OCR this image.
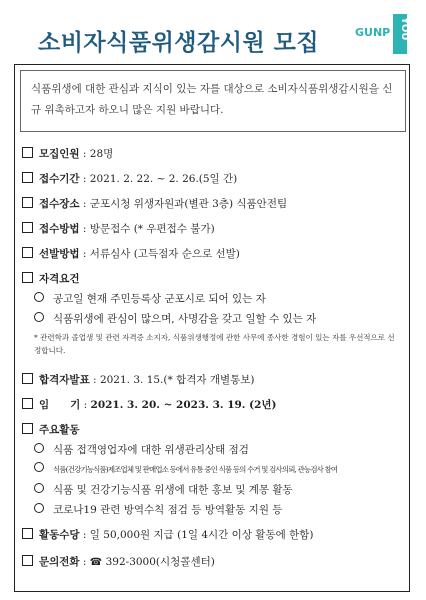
소비자식품위생감시원 모집	GUNP YOU
식품위생에 대한 관심과 지식이 있는 자를 대상으로 소비자식품위생감시원을 신규 위촉하고자 하오니 많은 지원 바랍니다.
모집인원 : 28명
접수기간 : 2021. 2. 22. ~ 2. 26.(5일 간)
접수장소 : 군포시청 위생자원과(별관 3층) 식품안전팀
접수방법 : 방문접수 (* 우편접수 불가)
선발방법 : 서류심사 (고득점자 순으로 선발)
자격요건
공고일 현재 주민등록상 군포시로 되어 있는 자
식품위생에 관심이 많으며, 사명감을 갖고 일할 수 있는 자
* 관련학과 졸업생 및 관련 자격증 소지자, 식품위생행정에 관한 사무에 종사한 경험이 있는 자를 우선적으로 선정합니다.
합격자발표 : 2021. 3. 15.(* 합격자 개별통보)
임　　기 : 2021. 3. 20. ~ 2023. 3. 19. (2년)
주요활동
식품 접객영업자에 대한 위생관리상태 점검
식품(건강기능식품)제조업체 및 판매업소 등에서 유통 중인 식품 등의 수거 및 검사의뢰, 관능검사 참여
식품 및 건강기능식품 위생에 대한 홍보 및 계몽 활동
코로나19 관련 방역수칙 점검 등 방역활동 지원 등
활동수당 : 일 50,000원 지급 (1일 4시간 이상 활동에 한함)
문의전화 : ☎ 392-3000(시청콜센터)
